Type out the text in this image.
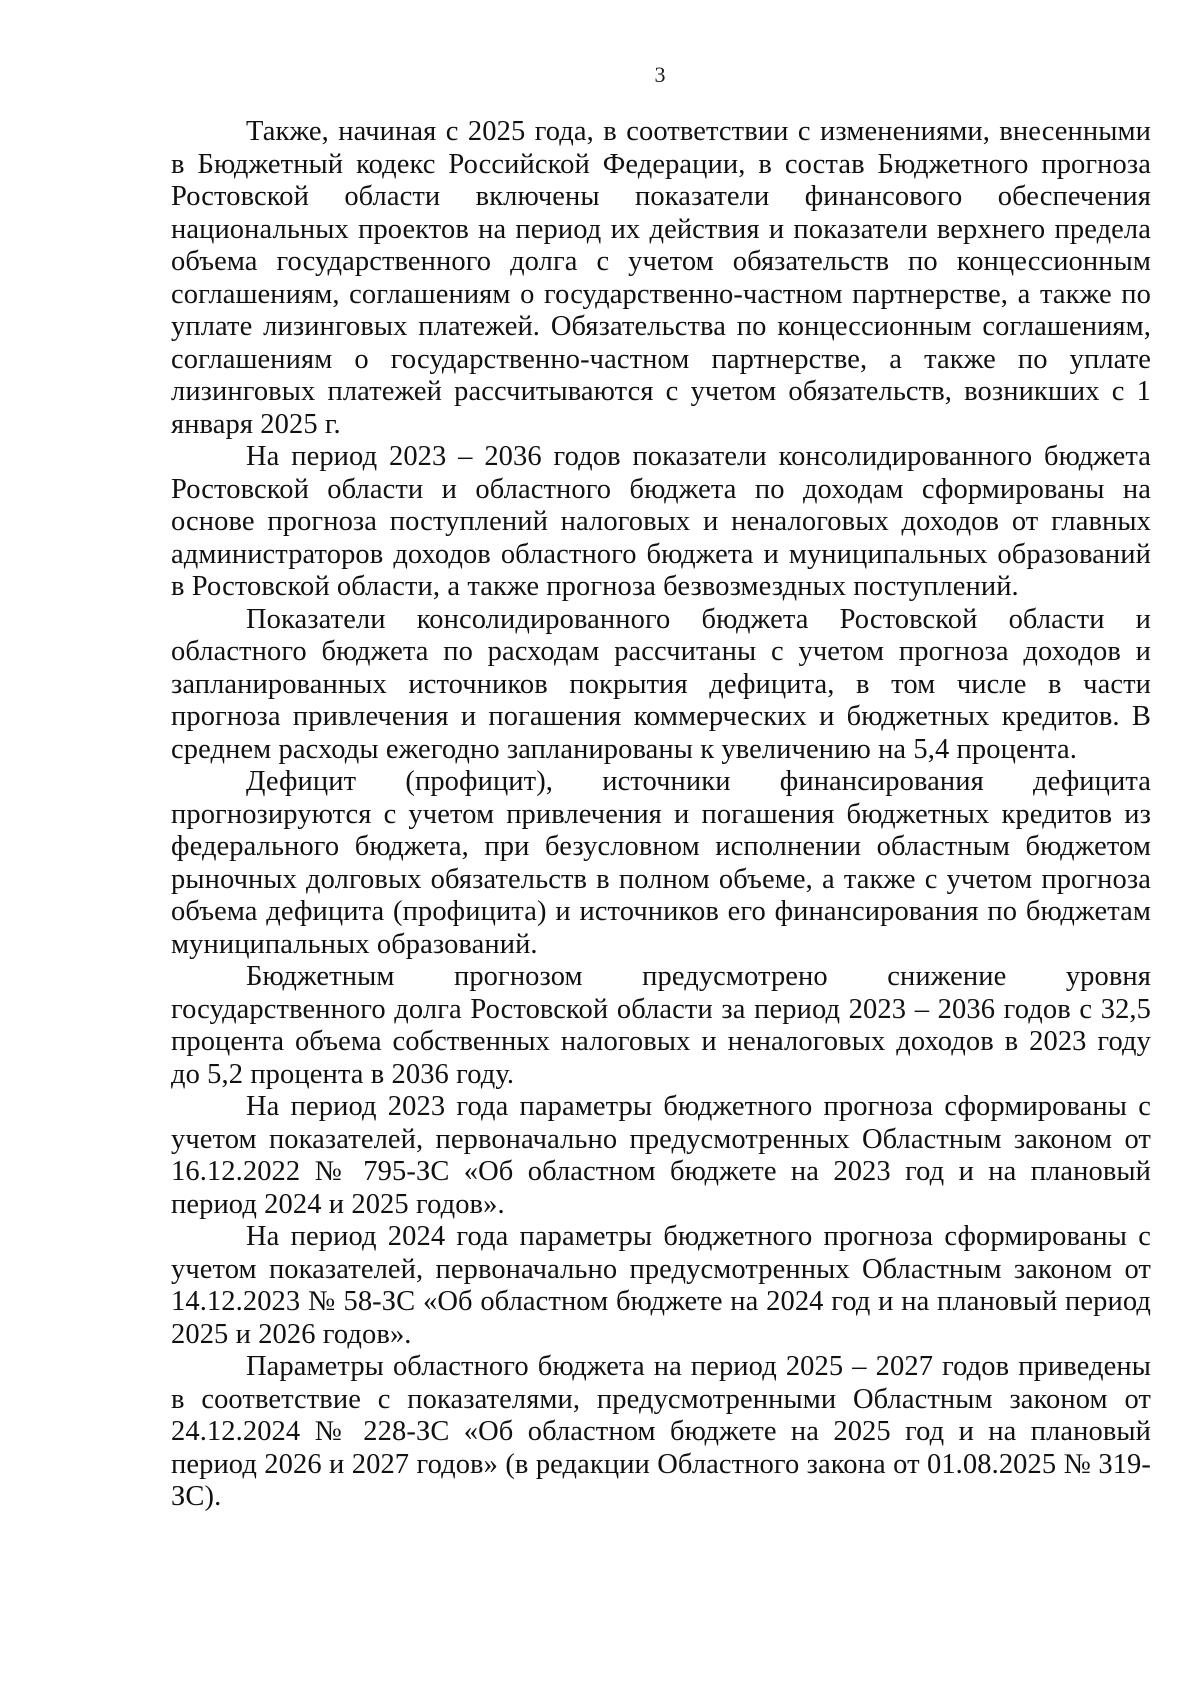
3

Также, начиная с 2025 года, в соответствии с изменениями, внесенными в Бюджетный кодекс Российской Федерации, в состав Бюджетного прогноза Ростовской области включены показатели финансового обеспечения национальных проектов на период их действия и показатели верхнего предела объема государственного долга с учетом обязательств по концессионным соглашениям, соглашениям о государственно-частном партнерстве, а также по уплате лизинговых платежей. Обязательства по концессионным соглашениям, соглашениям о государственно-частном партнерстве, а также по уплате лизинговых платежей рассчитываются с учетом обязательств, возникших с 1 января 2025 г.

На период 2023 – 2036 годов показатели консолидированного бюджета Ростовской области и областного бюджета по доходам сформированы на основе прогноза поступлений налоговых и неналоговых доходов от главных администраторов доходов областного бюджета и муниципальных образований в Ростовской области, а также прогноза безвозмездных поступлений.

Показатели консолидированного бюджета Ростовской области и областного бюджета по расходам рассчитаны с учетом прогноза доходов и запланированных источников покрытия дефицита, в том числе в части прогноза привлечения и погашения коммерческих и бюджетных кредитов. В среднем расходы ежегодно запланированы к увеличению на 5,4 процента.

Дефицит (профицит), источники финансирования дефицита прогнозируются с учетом привлечения и погашения бюджетных кредитов из федерального бюджета, при безусловном исполнении областным бюджетом рыночных долговых обязательств в полном объеме, а также с учетом прогноза объема дефицита (профицита) и источников его финансирования по бюджетам муниципальных образований.

Бюджетным прогнозом предусмотрено снижение уровня государственного долга Ростовской области за период 2023 – 2036 годов с 32,5 процента объема собственных налоговых и неналоговых доходов в 2023 году до 5,2 процента в 2036 году.

На период 2023 года параметры бюджетного прогноза сформированы с учетом показателей, первоначально предусмотренных Областным законом от 16.12.2022 № 795-ЗС «Об областном бюджете на 2023 год и на плановый период 2024 и 2025 годов».

На период 2024 года параметры бюджетного прогноза сформированы с учетом показателей, первоначально предусмотренных Областным законом от 14.12.2023 № 58-ЗС «Об областном бюджете на 2024 год и на плановый период 2025 и 2026 годов».

Параметры областного бюджета на период 2025 – 2027 годов приведены в соответствие с показателями, предусмотренными Областным законом от 24.12.2024 № 228-ЗС «Об областном бюджете на 2025 год и на плановый период 2026 и 2027 годов» (в редакции Областного закона от 01.08.2025 № 319-ЗС).
